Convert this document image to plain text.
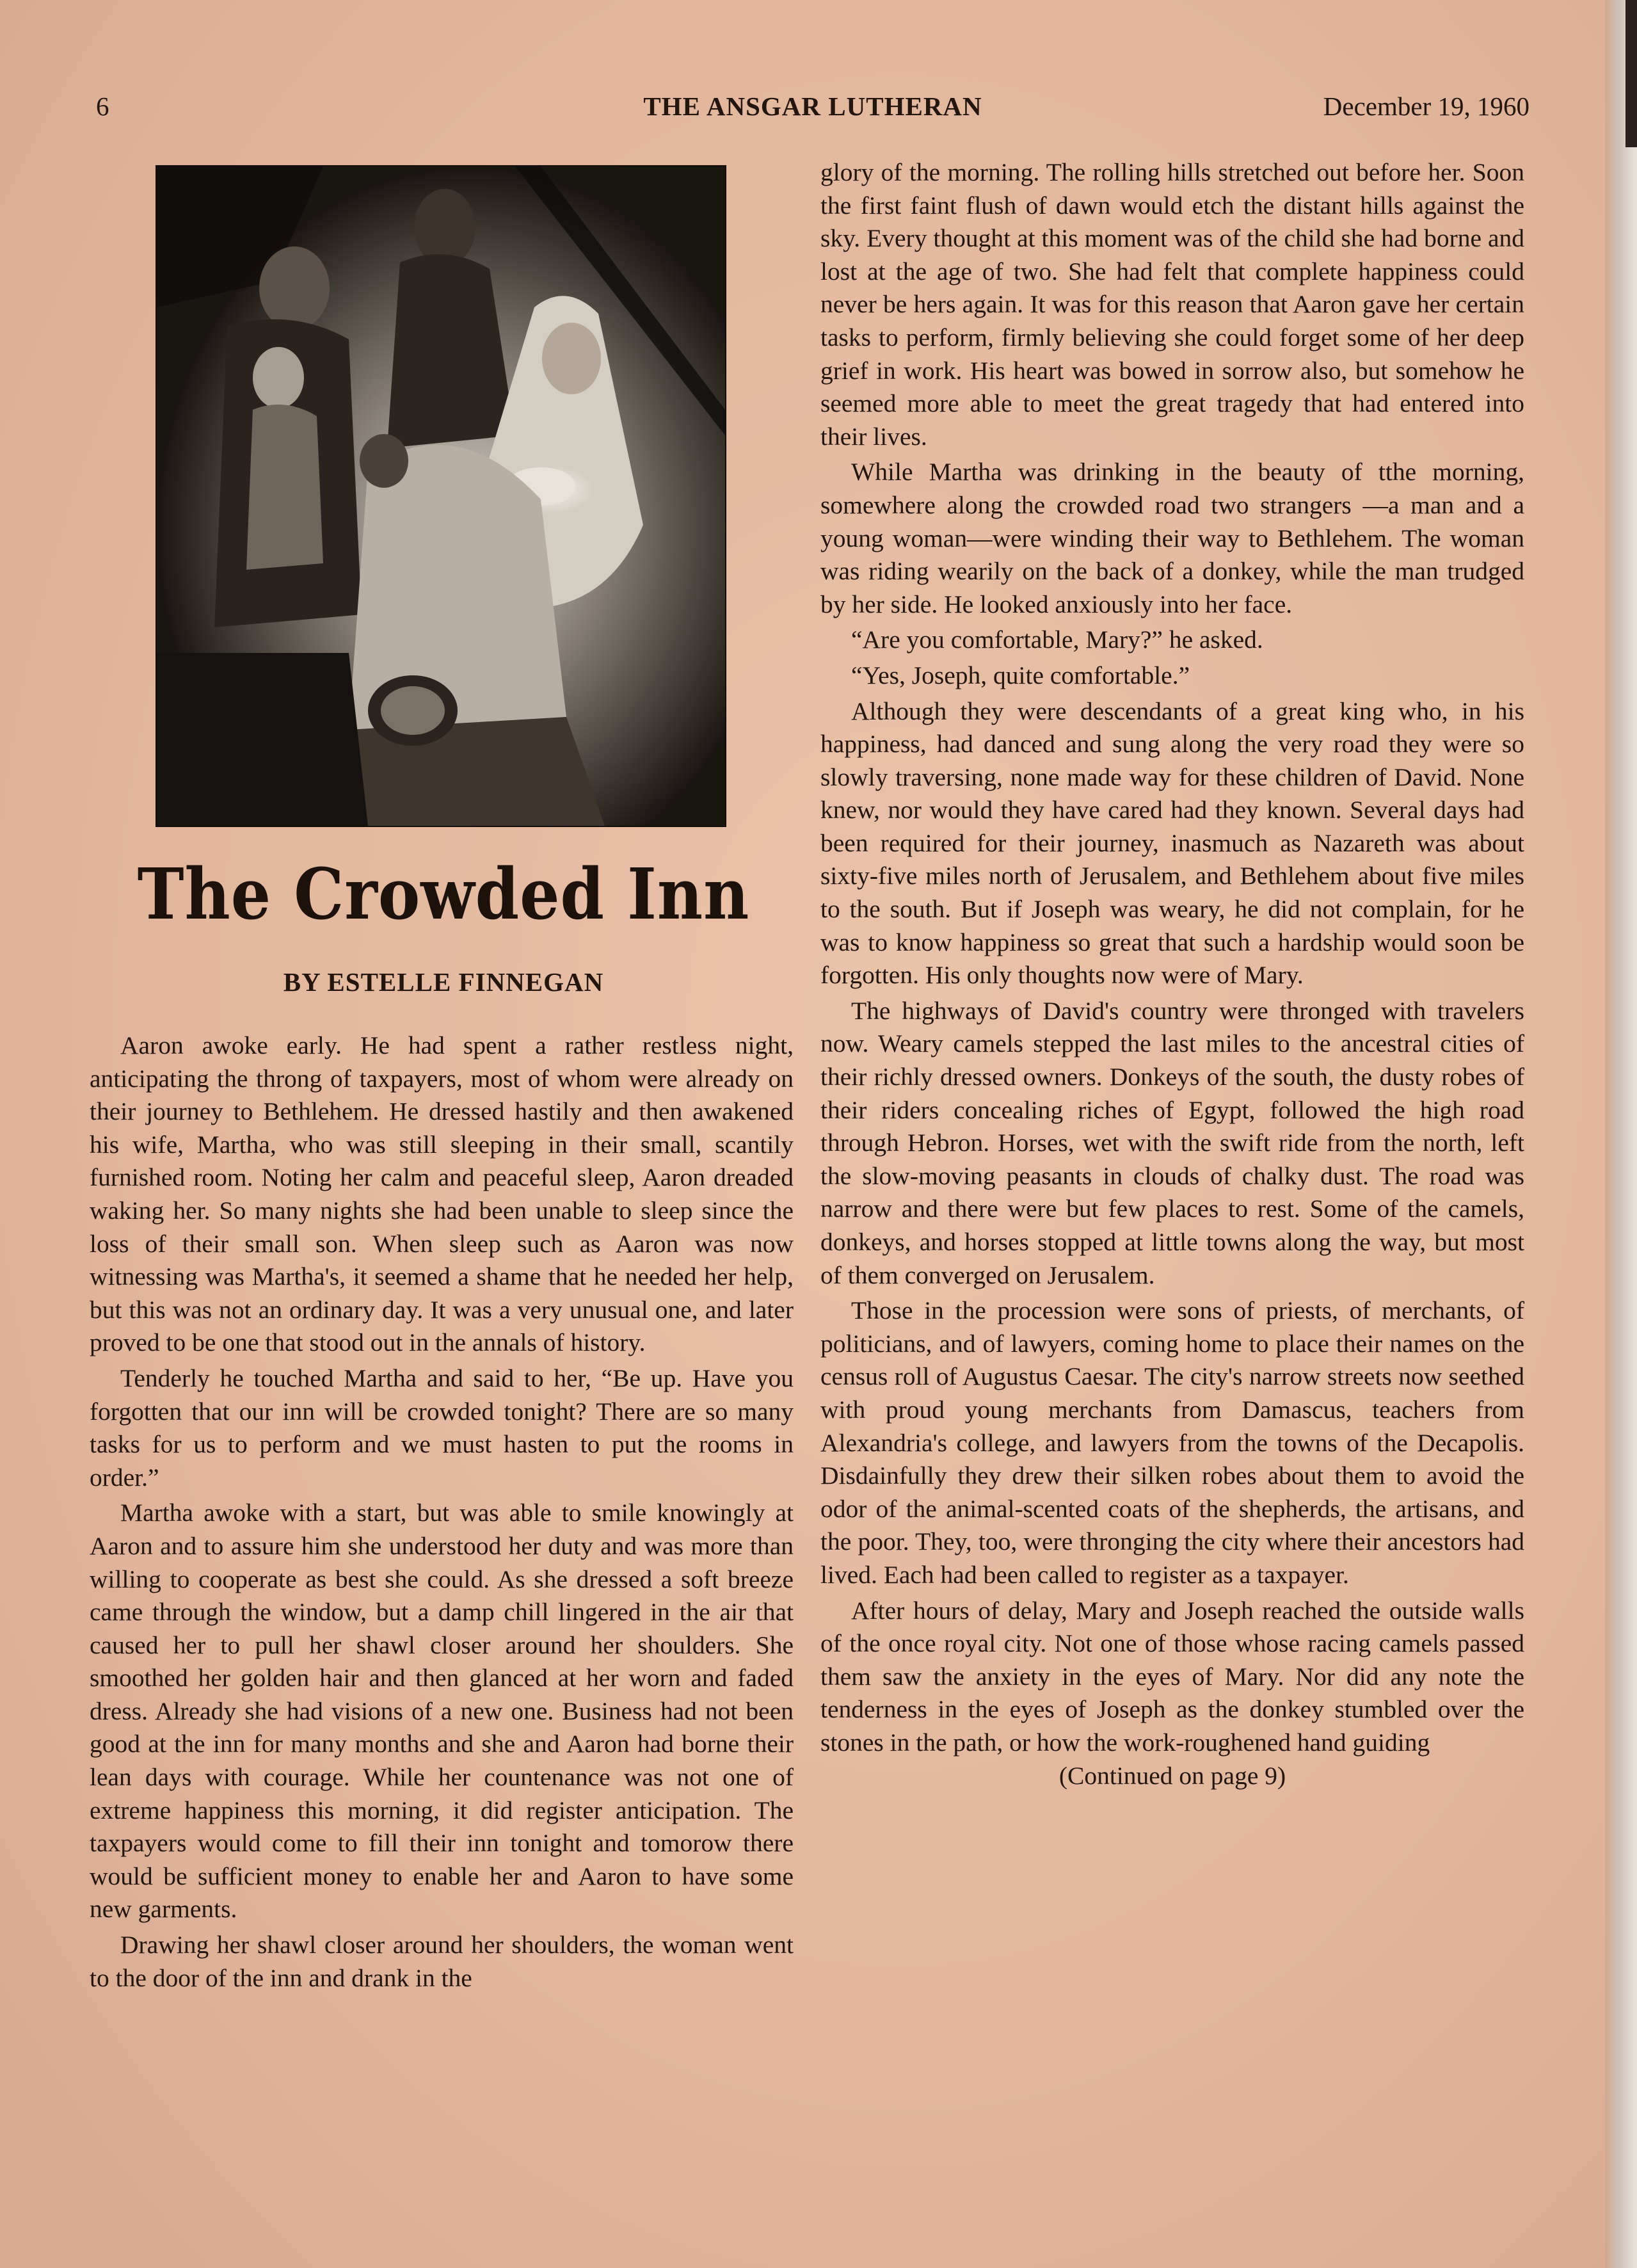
6	THE ANSGAR LUTHERAN	December 19, 1960
The Crowded Inn
BY ESTELLE FINNEGAN

Aaron awoke early. He had spent a rather restless night, anticipating the throng of taxpayers, most of whom were already on their journey to Bethlehem. He dressed hastily and then awakened his wife, Martha, who was still sleeping in their small, scantily furnished room. Noting her calm and peaceful sleep, Aaron dreaded waking her. So many nights she had been unable to sleep since the loss of their small son. When sleep such as Aaron was now witnessing was Martha's, it seemed a shame that he needed her help, but this was not an ordinary day. It was a very unusual one, and later proved to be one that stood out in the annals of history.

Tenderly he touched Martha and said to her, “Be up. Have you forgotten that our inn will be crowded tonight? There are so many tasks for us to perform and we must hasten to put the rooms in order.”

Martha awoke with a start, but was able to smile knowingly at Aaron and to assure him she understood her duty and was more than willing to cooperate as best she could. As she dressed a soft breeze came through the window, but a damp chill lingered in the air that caused her to pull her shawl closer around her shoulders. She smoothed her golden hair and then glanced at her worn and faded dress. Already she had visions of a new one. Business had not been good at the inn for many months and she and Aaron had borne their lean days with courage. While her countenance was not one of extreme happiness this morning, it did register anticipation. The taxpayers would come to fill their inn tonight and tomorow there would be sufficient money to enable her and Aaron to have some new garments.

Drawing her shawl closer around her shoulders, the woman went to the door of the inn and drank in the

glory of the morning. The rolling hills stretched out before her. Soon the first faint flush of dawn would etch the distant hills against the sky. Every thought at this moment was of the child she had borne and lost at the age of two. She had felt that complete happiness could never be hers again. It was for this reason that Aaron gave her certain tasks to perform, firmly believing she could forget some of her deep grief in work. His heart was bowed in sorrow also, but somehow he seemed more able to meet the great tragedy that had entered into their lives.

While Martha was drinking in the beauty of tthe morning, somewhere along the crowded road two strangers —a man and a young woman—were winding their way to Bethlehem. The woman was riding wearily on the back of a donkey, while the man trudged by her side. He looked anxiously into her face.

“Are you comfortable, Mary?” he asked.

“Yes, Joseph, quite comfortable.”

Although they were descendants of a great king who, in his happiness, had danced and sung along the very road they were so slowly traversing, none made way for these children of David. None knew, nor would they have cared had they known. Several days had been required for their journey, inasmuch as Nazareth was about sixty-five miles north of Jerusalem, and Bethlehem about five miles to the south. But if Joseph was weary, he did not complain, for he was to know happiness so great that such a hardship would soon be forgotten. His only thoughts now were of Mary.

The highways of David's country were thronged with travelers now. Weary camels stepped the last miles to the ancestral cities of their richly dressed owners. Donkeys of the south, the dusty robes of their riders concealing riches of Egypt, followed the high road through Hebron. Horses, wet with the swift ride from the north, left the slow-moving peasants in clouds of chalky dust. The road was narrow and there were but few places to rest. Some of the camels, donkeys, and horses stopped at little towns along the way, but most of them converged on Jerusalem.

Those in the procession were sons of priests, of merchants, of politicians, and of lawyers, coming home to place their names on the census roll of Augustus Caesar. The city's narrow streets now seethed with proud young merchants from Damascus, teachers from Alexandria's college, and lawyers from the towns of the Decapolis. Disdainfully they drew their silken robes about them to avoid the odor of the animal-scented coats of the shepherds, the artisans, and the poor. They, too, were thronging the city where their ancestors had lived. Each had been called to register as a taxpayer.

After hours of delay, Mary and Joseph reached the outside walls of the once royal city. Not one of those whose racing camels passed them saw the anxiety in the eyes of Mary. Nor did any note the tenderness in the eyes of Joseph as the donkey stumbled over the stones in the path, or how the work-roughened hand guiding

(Continued on page 9)
